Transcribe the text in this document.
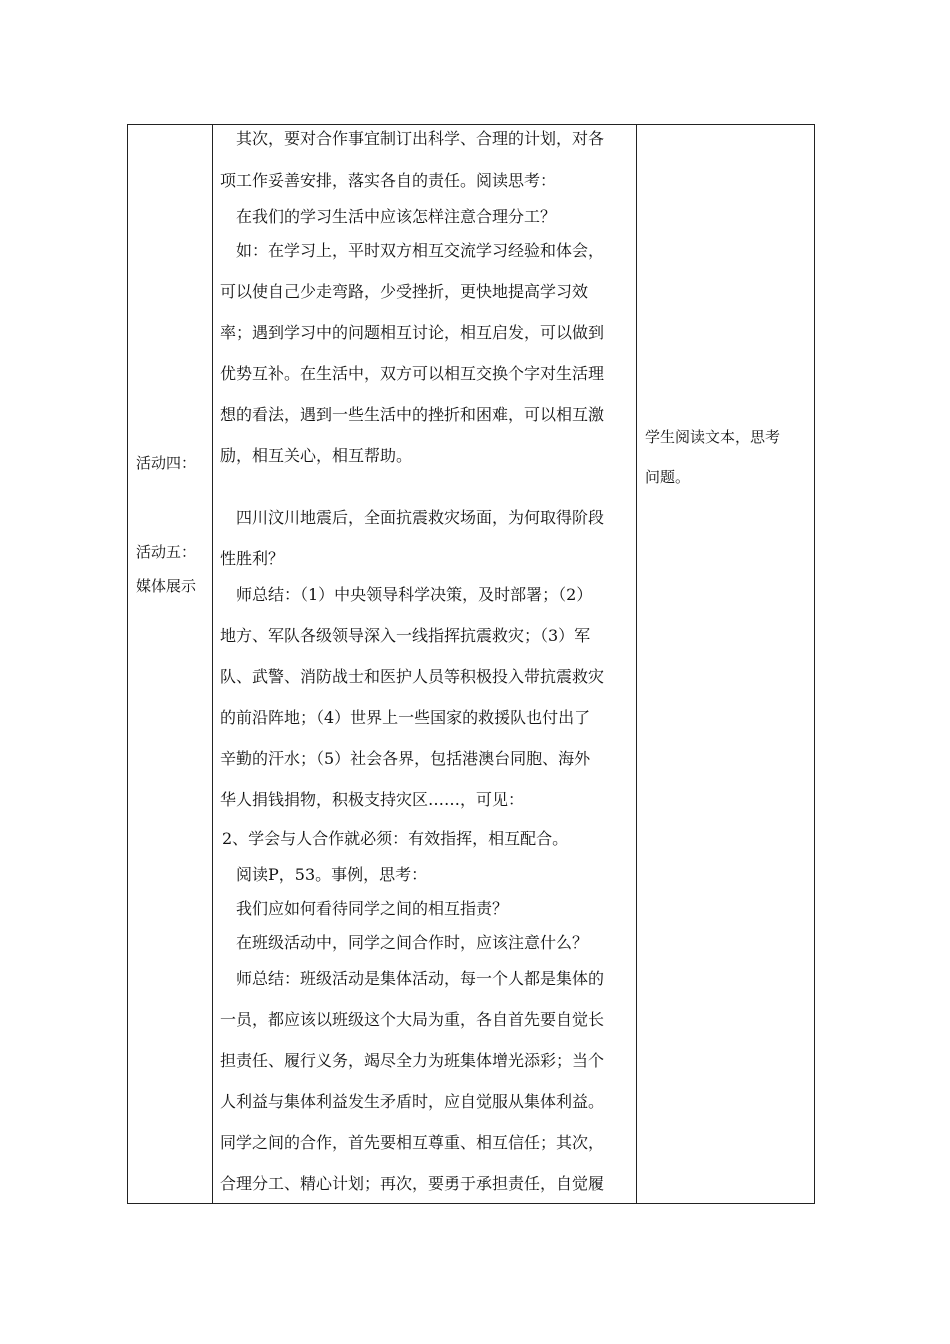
活动四：
活动五：
媒体展示
学生阅读文本，思考
问题。
其次，要对合作事宜制订出科学、合理的计划，对各
项工作妥善安排，落实各自的责任。阅读思考：
在我们的学习生活中应该怎样注意合理分工？
如：在学习上，平时双方相互交流学习经验和体会，
可以使自己少走弯路，少受挫折，更快地提高学习效
率；遇到学习中的问题相互讨论，相互启发，可以做到
优势互补。在生活中，双方可以相互交换个字对生活理
想的看法，遇到一些生活中的挫折和困难，可以相互激
励，相互关心，相互帮助。
四川汶川地震后，全面抗震救灾场面，为何取得阶段
性胜利？
师总结：（1）中央领导科学决策，及时部署；（2）
地方、军队各级领导深入一线指挥抗震救灾；（3）军
队、武警、消防战士和医护人员等积极投入带抗震救灾
的前沿阵地；（4）世界上一些国家的救援队也付出了
辛勤的汗水；（5）社会各界，包括港澳台同胞、海外
华人捐钱捐物，积极支持灾区……，可见：
2、学会与人合作就必须：有效指挥，相互配合。
阅读P，53。事例，思考：
我们应如何看待同学之间的相互指责？
在班级活动中，同学之间合作时，应该注意什么？
师总结：班级活动是集体活动，每一个人都是集体的
一员，都应该以班级这个大局为重，各自首先要自觉长
担责任、履行义务，竭尽全力为班集体增光添彩；当个
人利益与集体利益发生矛盾时，应自觉服从集体利益。
同学之间的合作，首先要相互尊重、相互信任；其次，
合理分工、精心计划；再次，要勇于承担责任，自觉履
